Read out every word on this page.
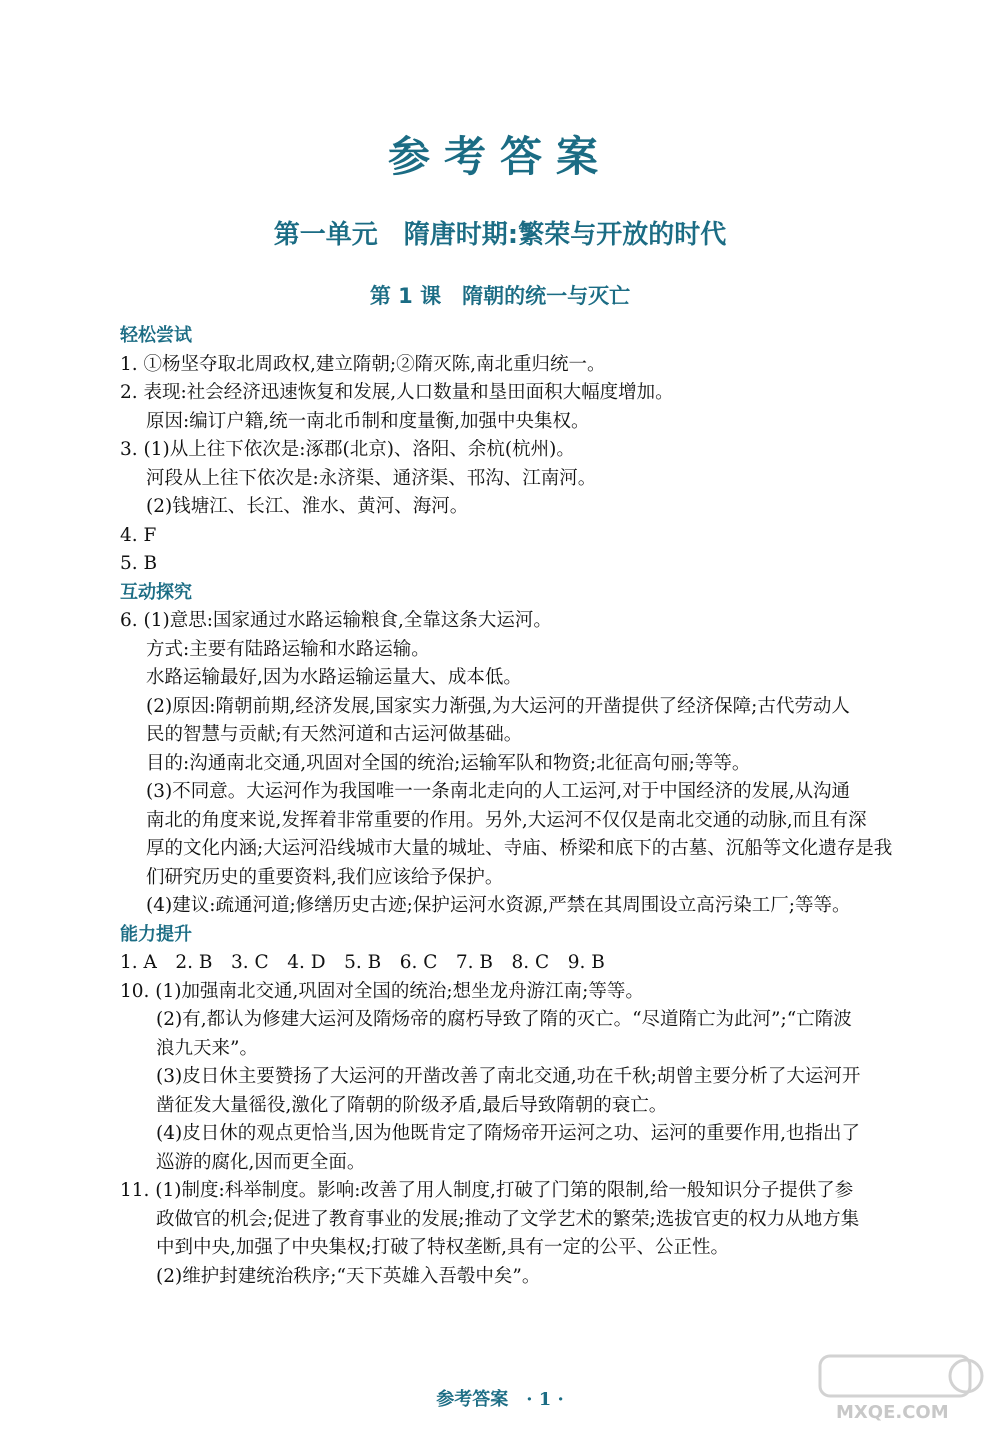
参考答案
第一单元　隋唐时期:繁荣与开放的时代
第 1 课　隋朝的统一与灭亡
轻松尝试
1. ①杨坚夺取北周政权,建立隋朝;②隋灭陈,南北重归统一。
2. 表现:社会经济迅速恢复和发展,人口数量和垦田面积大幅度增加。
原因:编订户籍,统一南北币制和度量衡,加强中央集权。
3. (1)从上往下依次是:涿郡(北京)、洛阳、余杭(杭州)。
河段从上往下依次是:永济渠、通济渠、邗沟、江南河。
(2)钱塘江、长江、淮水、黄河、海河。
4. F
5. B
互动探究
6. (1)意思:国家通过水路运输粮食,全靠这条大运河。
方式:主要有陆路运输和水路运输。
水路运输最好,因为水路运输运量大、成本低。
(2)原因:隋朝前期,经济发展,国家实力渐强,为大运河的开凿提供了经济保障;古代劳动人
民的智慧与贡献;有天然河道和古运河做基础。
目的:沟通南北交通,巩固对全国的统治;运输军队和物资;北征高句丽;等等。
(3)不同意。大运河作为我国唯一一条南北走向的人工运河,对于中国经济的发展,从沟通
南北的角度来说,发挥着非常重要的作用。另外,大运河不仅仅是南北交通的动脉,而且有深
厚的文化内涵;大运河沿线城市大量的城址、寺庙、桥梁和底下的古墓、沉船等文化遗存是我
们研究历史的重要资料,我们应该给予保护。
(4)建议:疏通河道;修缮历史古迹;保护运河水资源,严禁在其周围设立高污染工厂;等等。
能力提升
1. A　2. B　3. C　4. D　5. B　6. C　7. B　8. C　9. B
10. (1)加强南北交通,巩固对全国的统治;想坐龙舟游江南;等等。
(2)有,都认为修建大运河及隋炀帝的腐朽导致了隋的灭亡。“尽道隋亡为此河”;“亡隋波
浪九天来”。
(3)皮日休主要赞扬了大运河的开凿改善了南北交通,功在千秋;胡曾主要分析了大运河开
凿征发大量徭役,激化了隋朝的阶级矛盾,最后导致隋朝的衰亡。
(4)皮日休的观点更恰当,因为他既肯定了隋炀帝开运河之功、运河的重要作用,也指出了
巡游的腐化,因而更全面。
11. (1)制度:科举制度。影响:改善了用人制度,打破了门第的限制,给一般知识分子提供了参
政做官的机会;促进了教育事业的发展;推动了文学艺术的繁荣;选拔官吏的权力从地方集
中到中央,加强了中央集权;打破了特权垄断,具有一定的公平、公正性。
(2)维护封建统治秩序;“天下英雄入吾彀中矣”。
参考答案　· 1 ·
MXQE.COM
